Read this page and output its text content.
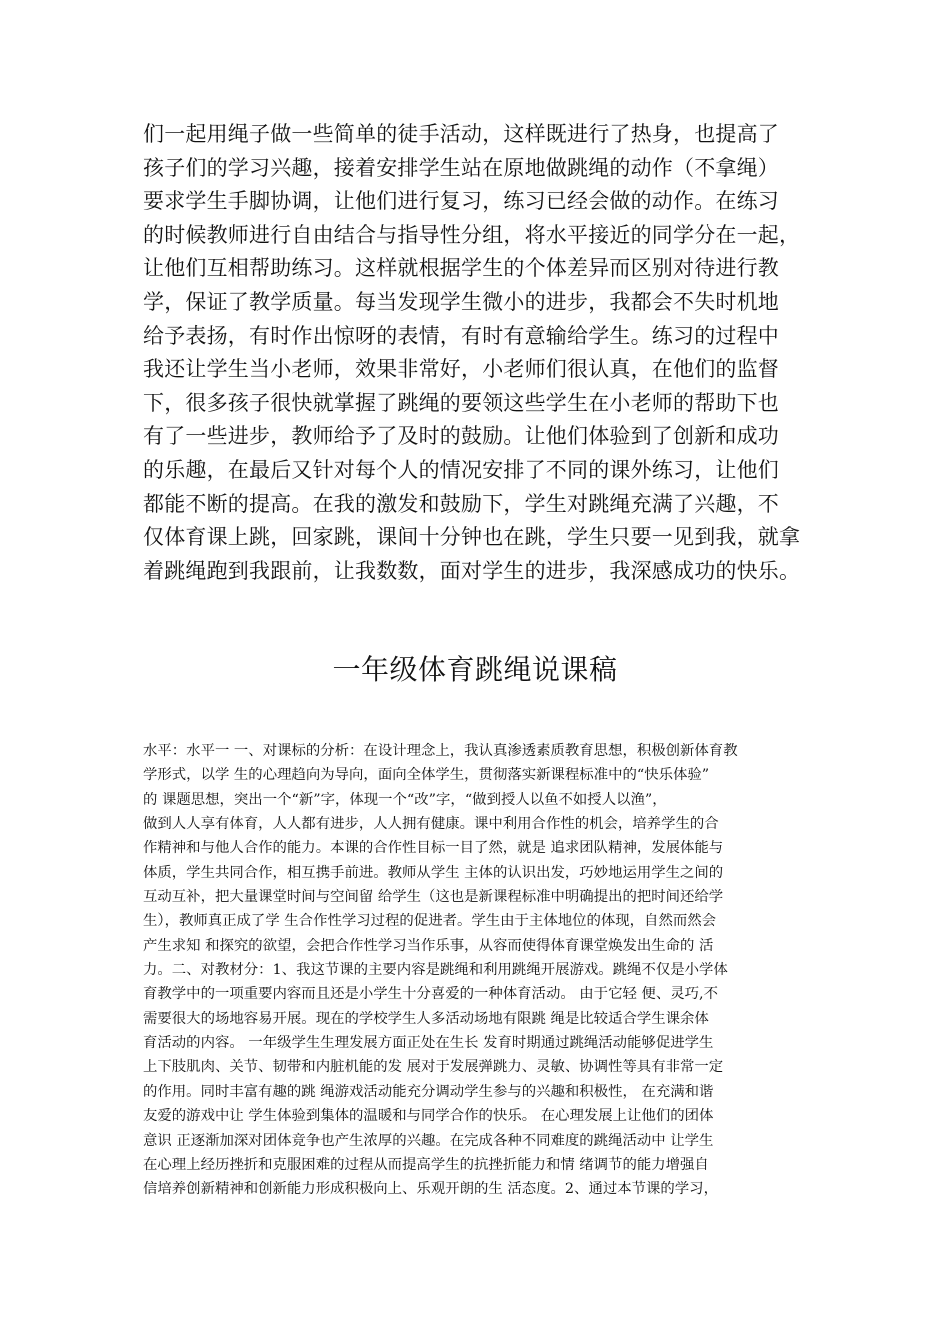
们一起用绳子做一些简单的徒手活动，这样既进行了热身，也提高了
孩子们的学习兴趣，接着安排学生站在原地做跳绳的动作（不拿绳）
要求学生手脚协调，让他们进行复习，练习已经会做的动作。在练习
的时候教师进行自由结合与指导性分组，将水平接近的同学分在一起，
让他们互相帮助练习。这样就根据学生的个体差异而区别对待进行教
学，保证了教学质量。每当发现学生微小的进步，我都会不失时机地
给予表扬，有时作出惊呀的表情，有时有意输给学生。练习的过程中
我还让学生当小老师，效果非常好，小老师们很认真，在他们的监督
下，很多孩子很快就掌握了跳绳的要领这些学生在小老师的帮助下也
有了一些进步，教师给予了及时的鼓励。让他们体验到了创新和成功
的乐趣，在最后又针对每个人的情况安排了不同的课外练习，让他们
都能不断的提高。在我的激发和鼓励下，学生对跳绳充满了兴趣，不
仅体育课上跳，回家跳，课间十分钟也在跳，学生只要一见到我，就拿
着跳绳跑到我跟前，让我数数，面对学生的进步，我深感成功的快乐。
一年级体育跳绳说课稿
水平：水平一 一、对课标的分析：在设计理念上，我认真渗透素质教育思想，积极创新体育教
学形式，以学 生的心理趋向为导向，面向全体学生，贯彻落实新课程标准中的“快乐体验”
的 课题思想，突出一个“新”字，体现一个“改”字，“做到授人以鱼不如授人以渔”，
做到人人享有体育，人人都有进步，人人拥有健康。课中利用合作性的机会，培养学生的合
作精神和与他人合作的能力。本课的合作性目标一目了然，就是 追求团队精神，发展体能与
体质，学生共同合作，相互携手前进。教师从学生 主体的认识出发，巧妙地运用学生之间的
互动互补，把大量课堂时间与空间留 给学生（这也是新课程标准中明确提出的把时间还给学
生），教师真正成了学 生合作性学习过程的促进者。学生由于主体地位的体现，自然而然会
产生求知 和探究的欲望，会把合作性学习当作乐事，从容而使得体育课堂焕发出生命的 活
力。二、对教材分：1、我这节课的主要内容是跳绳和利用跳绳开展游戏。跳绳不仅是小学体
育教学中的一项重要内容而且还是小学生十分喜爱的一种体育活动。 由于它轻 便、灵巧,不
需要很大的场地容易开展。现在的学校学生人多活动场地有限跳 绳是比较适合学生课余体
育活动的内容。 一年级学生生理发展方面正处在生长 发育时期通过跳绳活动能够促进学生
上下肢肌肉、关节、韧带和内脏机能的发 展对于发展弹跳力、灵敏、协调性等具有非常一定
的作用。同时丰富有趣的跳 绳游戏活动能充分调动学生参与的兴趣和积极性， 在充满和谐
友爱的游戏中让 学生体验到集体的温暖和与同学合作的快乐。 在心理发展上让他们的团体
意识 正逐渐加深对团体竞争也产生浓厚的兴趣。在完成各种不同难度的跳绳活动中 让学生
在心理上经历挫折和克服困难的过程从而提高学生的抗挫折能力和情 绪调节的能力增强自
信培养创新精神和创新能力形成积极向上、乐观开朗的生 活态度。2、通过本节课的学习，
